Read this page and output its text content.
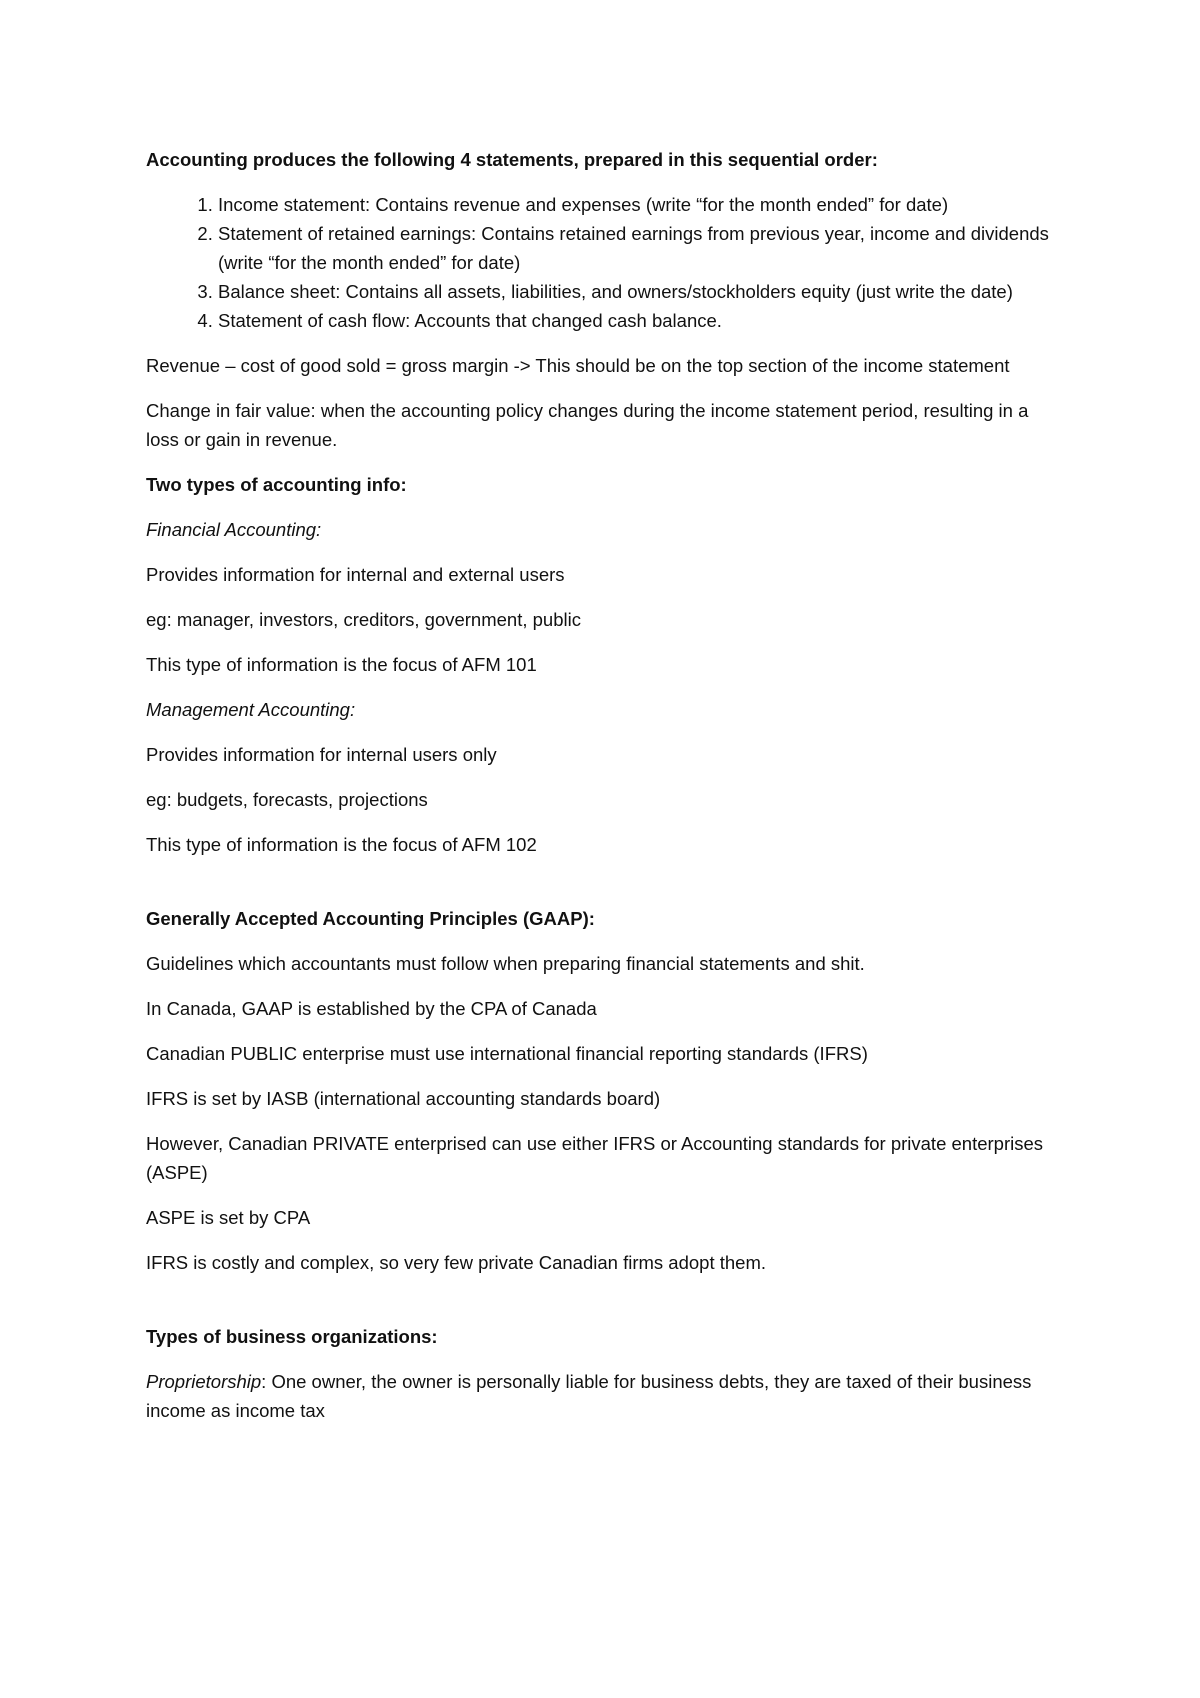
Accounting produces the following 4 statements, prepared in this sequential order:

1. Income statement: Contains revenue and expenses (write “for the month ended” for date)
2. Statement of retained earnings: Contains retained earnings from previous year, income and dividends (write “for the month ended” for date)
3. Balance sheet: Contains all assets, liabilities, and owners/stockholders equity (just write the date)
4. Statement of cash flow: Accounts that changed cash balance.

Revenue – cost of good sold = gross margin -> This should be on the top section of the income statement

Change in fair value: when the accounting policy changes during the income statement period, resulting in a loss or gain in revenue.

Two types of accounting info:

Financial Accounting:

Provides information for internal and external users

eg: manager, investors, creditors, government, public

This type of information is the focus of AFM 101

Management Accounting:

Provides information for internal users only

eg: budgets, forecasts, projections

This type of information is the focus of AFM 102

Generally Accepted Accounting Principles (GAAP):

Guidelines which accountants must follow when preparing financial statements and shit.

In Canada, GAAP is established by the CPA of Canada

Canadian PUBLIC enterprise must use international financial reporting standards (IFRS)

IFRS is set by IASB (international accounting standards board)

However, Canadian PRIVATE enterprised can use either IFRS or Accounting standards for private enterprises (ASPE)

ASPE is set by CPA

IFRS is costly and complex, so very few private Canadian firms adopt them.

Types of business organizations:

Proprietorship: One owner, the owner is personally liable for business debts, they are taxed of their business income as income tax
